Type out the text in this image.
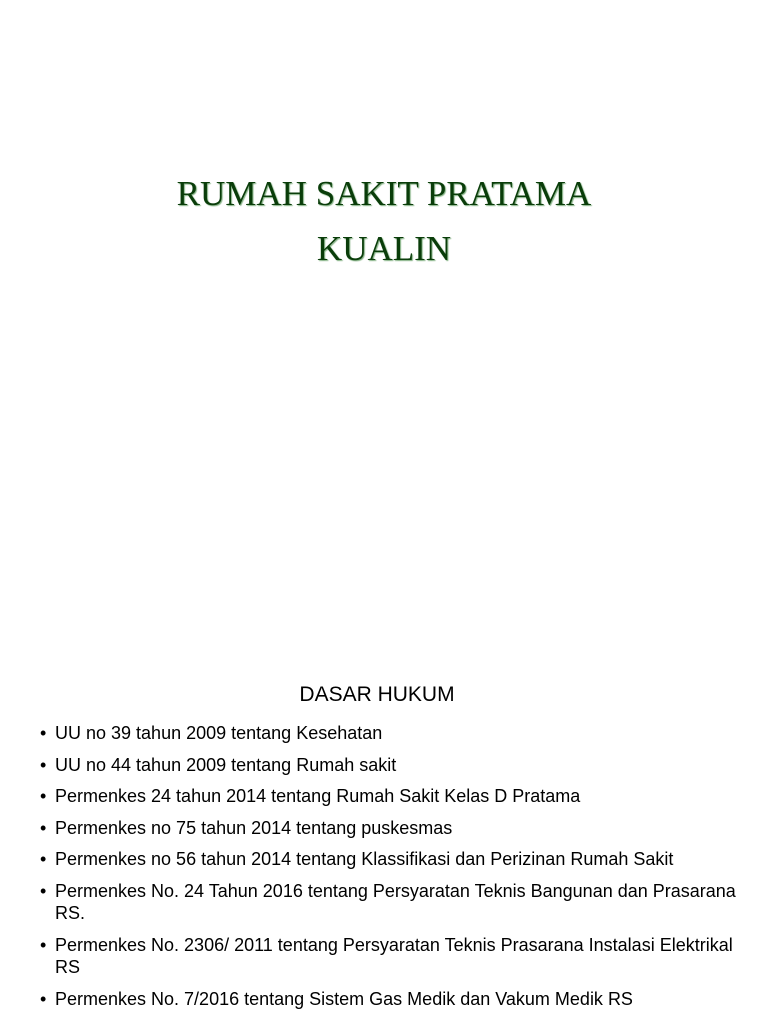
RUMAH SAKIT PRATAMA
KUALIN
DASAR HUKUM
• UU no 39 tahun 2009 tentang Kesehatan
• UU no 44 tahun 2009 tentang Rumah sakit
• Permenkes 24 tahun 2014 tentang Rumah Sakit Kelas D Pratama
• Permenkes no 75 tahun 2014 tentang puskesmas
• Permenkes no 56 tahun 2014 tentang Klassifikasi dan Perizinan Rumah Sakit
• Permenkes No. 24 Tahun 2016 tentang Persyaratan Teknis Bangunan dan Prasarana RS.
• Permenkes No. 2306/ 2011 tentang Persyaratan Teknis Prasarana Instalasi Elektrikal RS
• Permenkes No. 7/2016 tentang Sistem Gas Medik dan Vakum Medik RS
